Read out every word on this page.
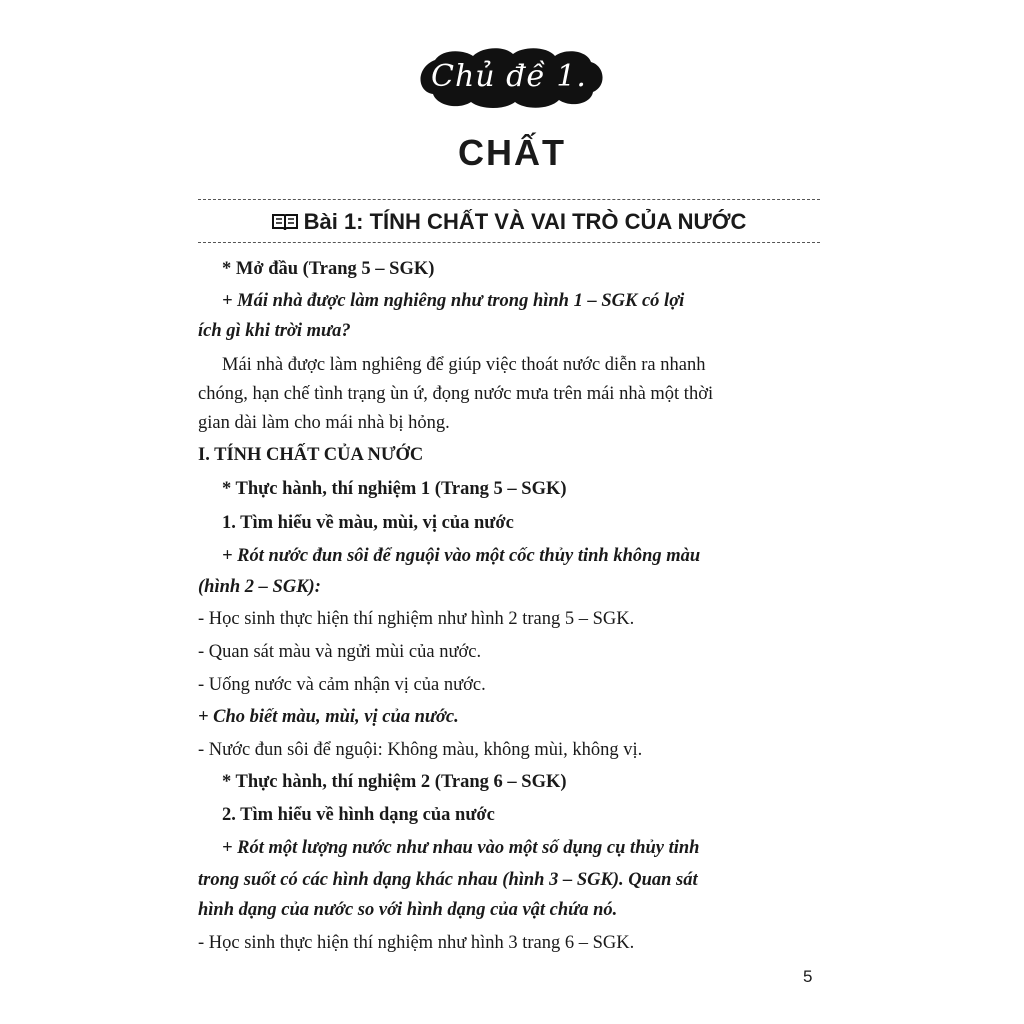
Chủ đề 1.
CHẤT
Bài 1: TÍNH CHẤT VÀ VAI TRÒ CỦA NƯỚC
* Mở đầu (Trang 5 – SGK)
+ Mái nhà được làm nghiêng như trong hình 1 – SGK có lợi
ích gì khi trời mưa?
Mái nhà được làm nghiêng để giúp việc thoát nước diễn ra nhanh
chóng, hạn chế tình trạng ùn ứ, đọng nước mưa trên mái nhà một thời
gian dài làm cho mái nhà bị hỏng.
I. TÍNH CHẤT CỦA NƯỚC
* Thực hành, thí nghiệm 1 (Trang 5 – SGK)
1. Tìm hiểu về màu, mùi, vị của nước
+ Rót nước đun sôi để nguội vào một cốc thủy tinh không màu
(hình 2 – SGK):
- Học sinh thực hiện thí nghiệm như hình 2 trang 5 – SGK.
- Quan sát màu và ngửi mùi của nước.
- Uống nước và cảm nhận vị của nước.
+ Cho biết màu, mùi, vị của nước.
- Nước đun sôi để nguội: Không màu, không mùi, không vị.
* Thực hành, thí nghiệm 2 (Trang 6 – SGK)
2. Tìm hiểu về hình dạng của nước
+ Rót một lượng nước như nhau vào một số dụng cụ thủy tinh
trong suốt có các hình dạng khác nhau (hình 3 – SGK). Quan sát
hình dạng của nước so với hình dạng của vật chứa nó.
- Học sinh thực hiện thí nghiệm như hình 3 trang 6 – SGK.
5
